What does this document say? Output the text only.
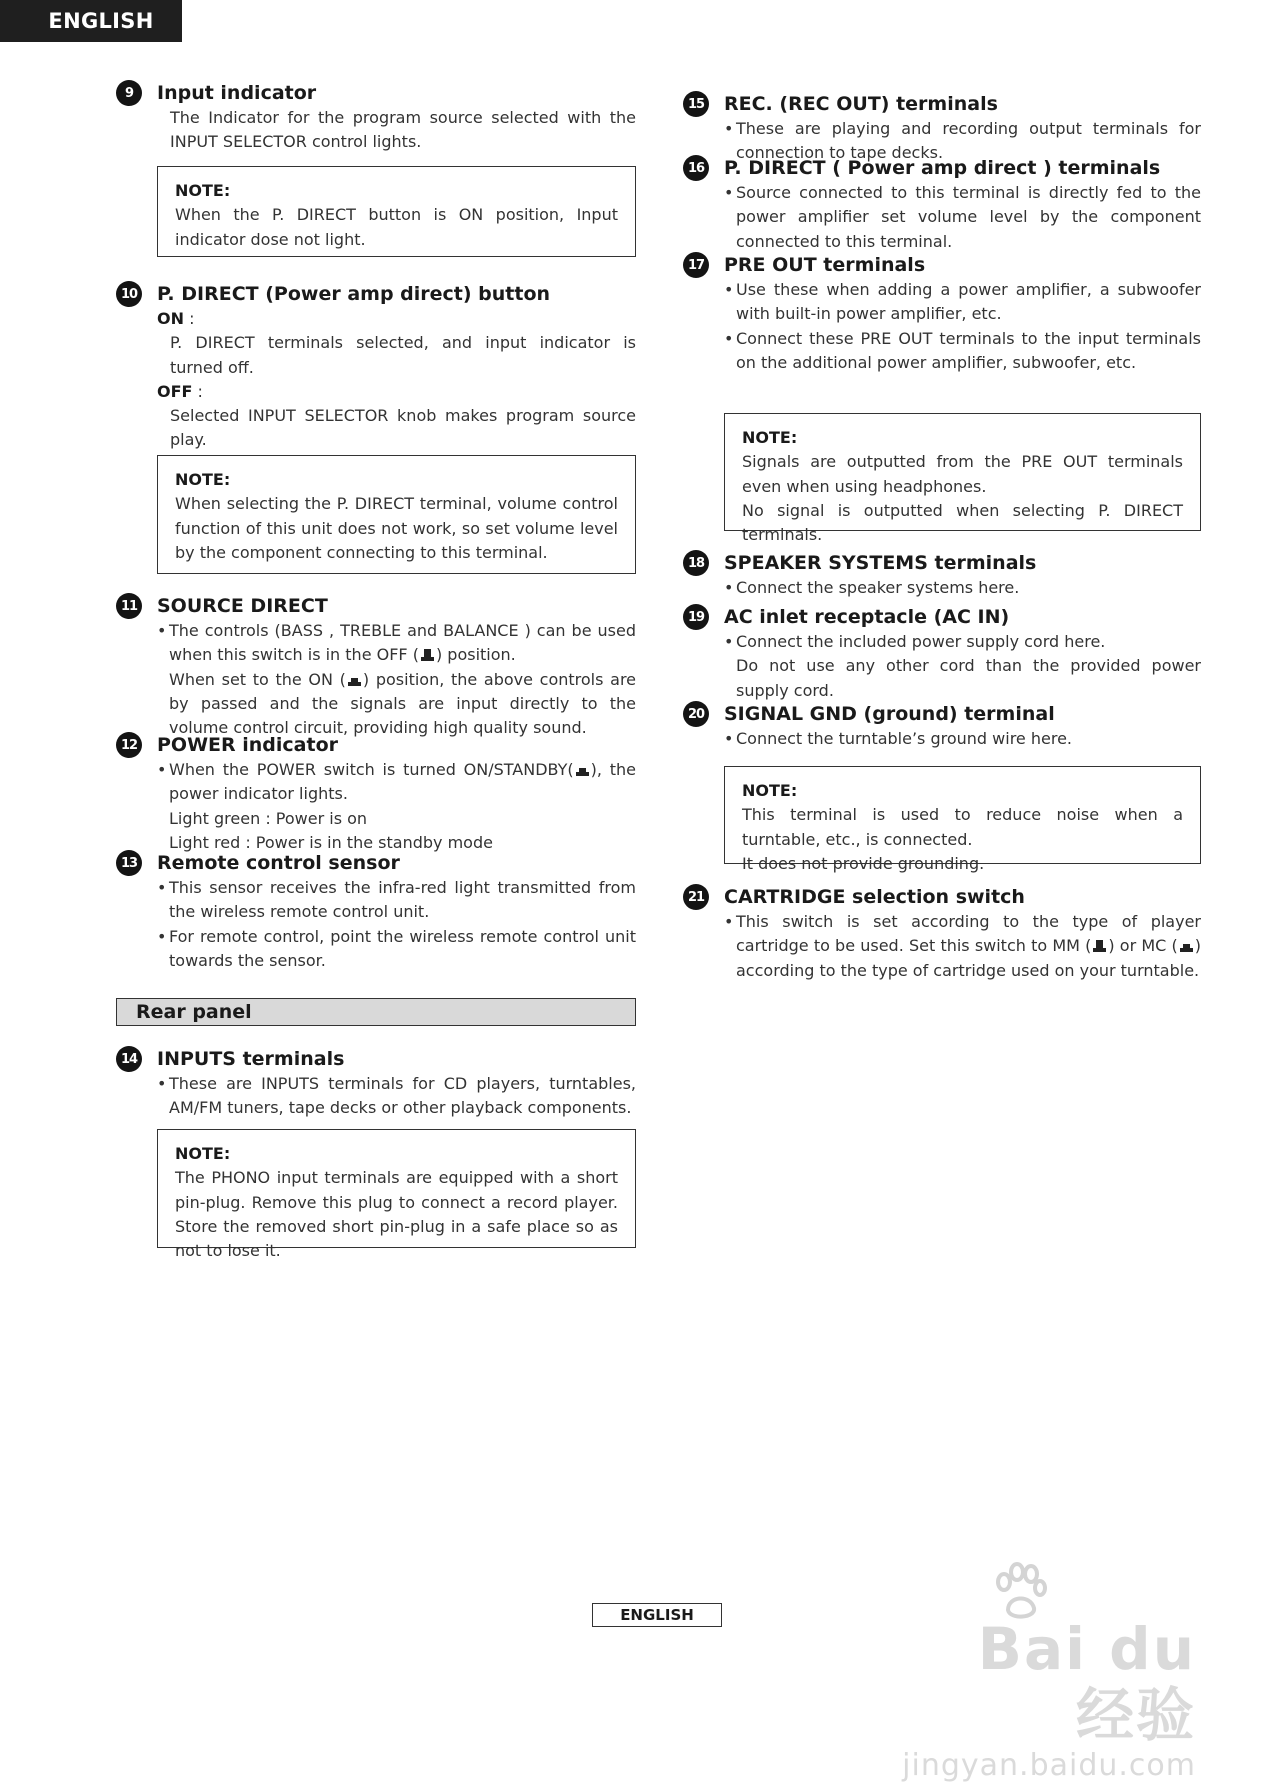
ENGLISH
9	Input indicator

The Indicator for the program source selected with the INPUT SELECTOR control lights.

NOTE:

When the P. DIRECT button is ON position, Input indicator dose not light.

10 P. DIRECT (Power amp direct) button

ON :

P. DIRECT terminals selected, and input indicator is turned off.

OFF :

Selected INPUT SELECTOR knob makes program source play.

NOTE:

When selecting the P. DIRECT terminal, volume control function of this unit does not work, so set volume level by the component connecting to this terminal.

11 SOURCE DIRECT
• The controls (BASS , TREBLE and BALANCE ) can be used when this switch is in the OFF ( ) position.
When set to the ON ( ) position, the above controls are by passed and the signals are input directly to the volume control circuit, providing high quality sound.
12 POWER indicator
• When the POWER switch is turned ON/STANDBY( ), the power indicator lights.
Light green : Power is on
Light red : Power is in the standby mode
13 Remote control sensor
• This sensor receives the infra-red light transmitted from the wireless remote control unit.
• For remote control, point the wireless remote control unit towards the sensor.
Rear panel
14 INPUTS terminals
• These are INPUTS terminals for CD players, turntables, AM/FM tuners, tape decks or other playback components.
NOTE:

The PHONO input terminals are equipped with a short pin-plug. Remove this plug to connect a record player. Store the removed short pin-plug in a safe place so as not to lose it.

15 REC. (REC OUT) terminals
• These are playing and recording output terminals for connection to tape decks.
16 P. DIRECT ( Power amp direct ) terminals
• Source connected to this terminal is directly fed to the power amplifier set volume level by the component connected to this terminal.
17 PRE OUT terminals
• Use these when adding a power amplifier, a subwoofer with built-in power amplifier, etc.
• Connect these PRE OUT terminals to the input terminals on the additional power amplifier, subwoofer, etc.
NOTE:

Signals are outputted from the PRE OUT terminals even when using headphones.

No signal is outputted when selecting P. DIRECT terminals.

18 SPEAKER SYSTEMS terminals
• Connect the speaker systems here.
19 AC inlet receptacle (AC IN)
• Connect the included power supply cord here.
Do not use any other cord than the provided power supply cord.
20 SIGNAL GND (ground) terminal
• Connect the turntable’s ground wire here.
NOTE:

This terminal is used to reduce noise when a turntable, etc., is connected.

It does not provide grounding.

21 CARTRIDGE selection switch
• This switch is set according to the type of player cartridge to be used. Set this switch to MM ( ) or MC ( ) according to the type of cartridge used on your turntable.
ENGLISH	Bai du 经验
jingyan.baidu.com
